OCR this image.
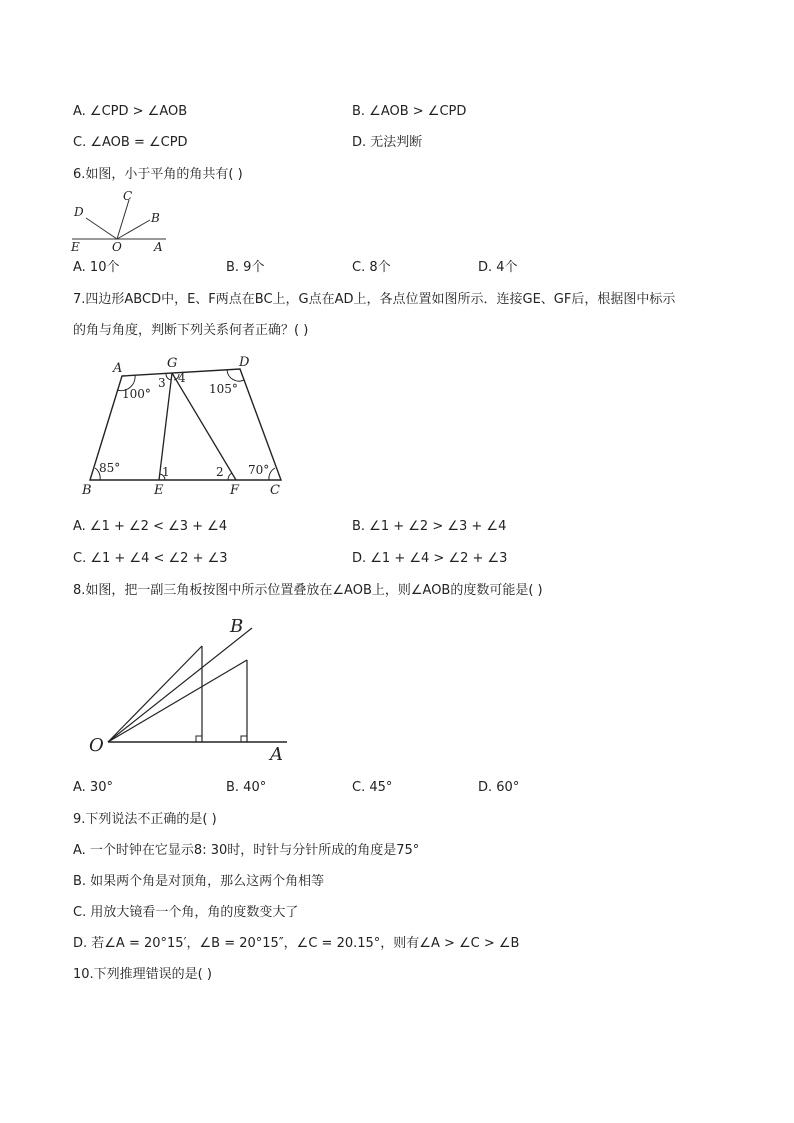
A. ∠CPD > ∠AOB	B. ∠AOB > ∠CPD
C. ∠AOB = ∠CPD	D. 无法判断
6.如图，小于平角的角共有( )
C
B
D
E	O	A
A. 10个	B. 9个	C. 8个	D. 4个
7.四边形ABCD中，E、F两点在BC上，G点在AD上，各点位置如图所示．连接GE、GF后，根据图中标示
的角与角度，判断下列关系何者正确？( )
A	G	D
B	E	F C
3 4
1	2
100°	105°
85°	70°
A. ∠1 + ∠2 < ∠3 + ∠4	B. ∠1 + ∠2 > ∠3 + ∠4
C. ∠1 + ∠4 < ∠2 + ∠3	D. ∠1 + ∠4 > ∠2 + ∠3
8.如图，把一副三角板按图中所示位置叠放在∠AOB上，则∠AOB的度数可能是( )
O	A
B
A. 30°	B. 40°	C. 45°	D. 60°
9.下列说法不正确的是( )
A. 一个时钟在它显示8: 30时，时针与分针所成的角度是75°
B. 如果两个角是对顶角，那么这两个角相等
C. 用放大镜看一个角，角的度数变大了
D. 若∠A = 20°15′，∠B = 20°15″，∠C = 20.15°，则有∠A > ∠C > ∠B
10.下列推理错误的是( )
